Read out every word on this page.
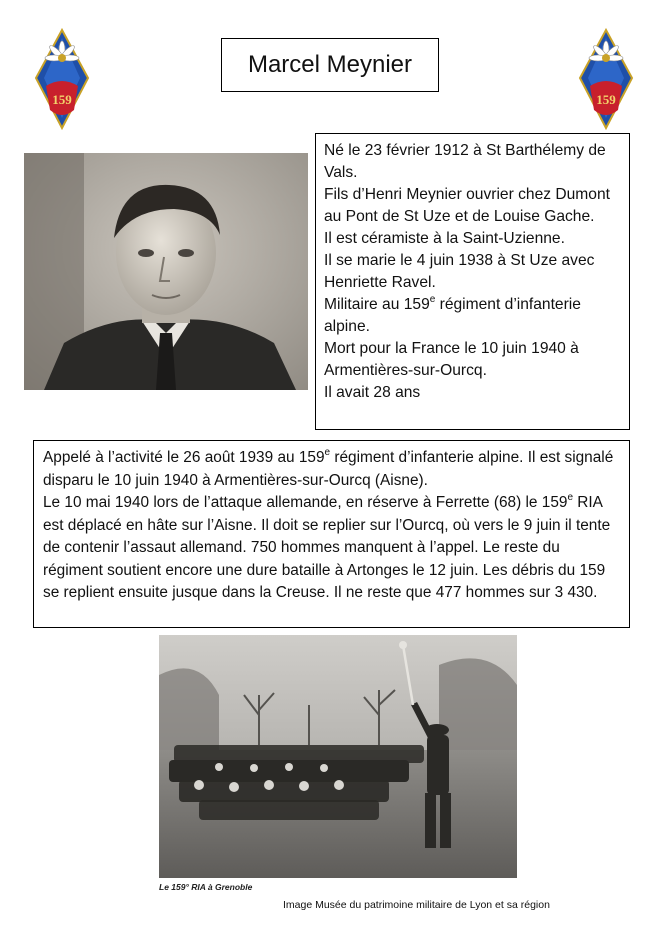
159	159
Marcel Meynier

Né le 23 février 1912 à St Barthélemy de Vals.

Fils d’Henri Meynier ouvrier chez Dumont au Pont de St Uze et de Louise Gache.

Il est céramiste à la Saint-Uzienne.

Il se marie le 4 juin 1938 à St Uze avec Henriette Ravel.

Militaire au 159e régiment d’infanterie alpine.

Mort pour la France le 10 juin 1940 à Armentières-sur-Ourcq.

Il avait 28 ans

Appelé à l’activité le 26 août 1939 au 159e régiment d’infanterie alpine. Il est signalé disparu le 10 juin 1940 à Armentières-sur-Ourcq (Aisne).

Le 10 mai 1940 lors de l’attaque allemande, en réserve à Ferrette (68) le 159e RIA est déplacé en hâte sur l’Aisne. Il doit se replier sur l’Ourcq, où vers le 9 juin il tente de contenir l’assaut allemand. 750 hommes manquent à l’appel. Le reste du régiment soutient encore une dure bataille à Artonges le 12 juin. Les débris du 159 se replient ensuite jusque dans la Creuse. Il ne reste que 477 hommes sur 3 430.

Le 159° RIA à Grenoble
Image Musée du patrimoine militaire de Lyon et sa région
